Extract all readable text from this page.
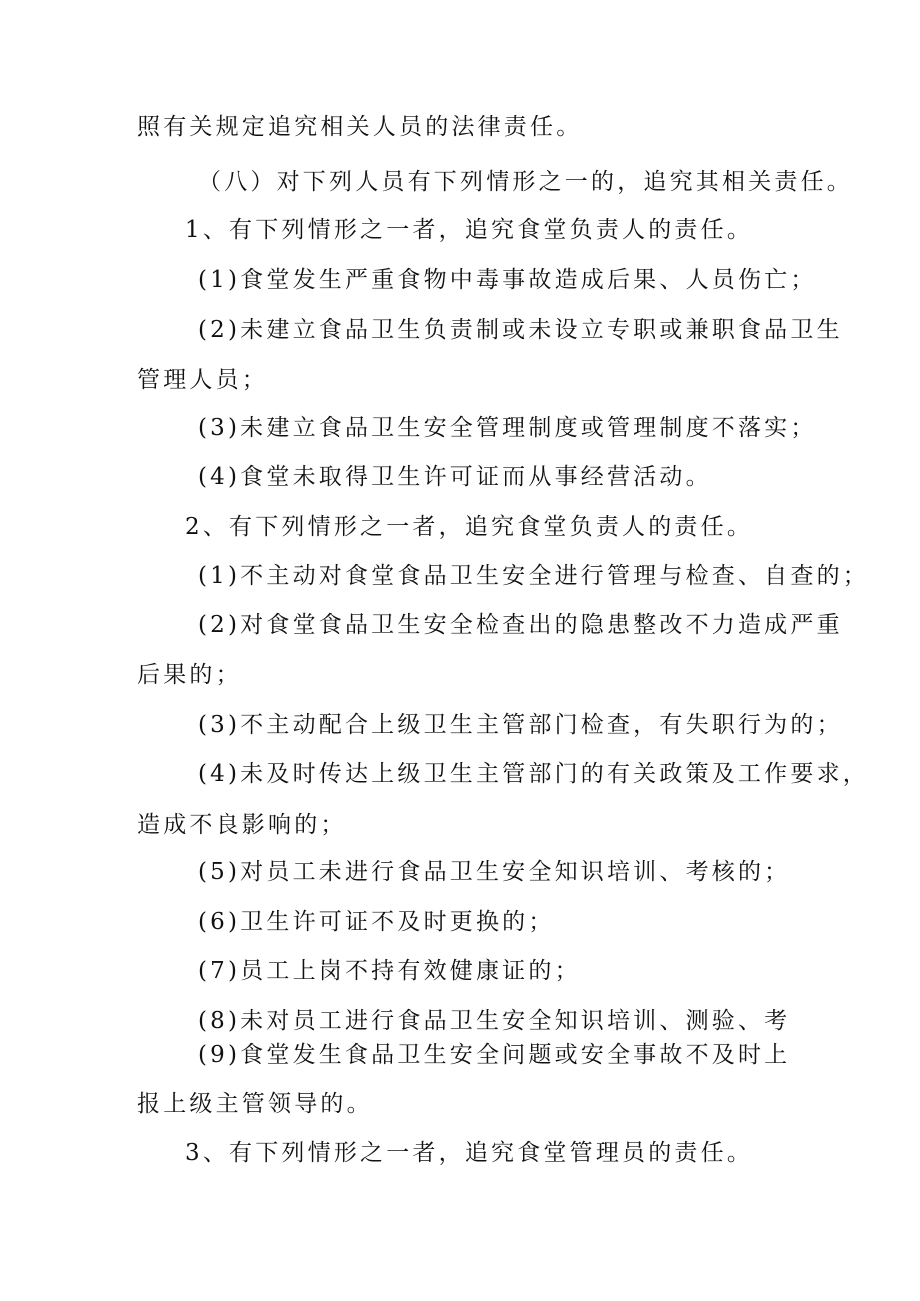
照有关规定追究相关人员的法律责任。
（八）对下列人员有下列情形之一的，追究其相关责任。
1、有下列情形之一者，追究食堂负责人的责任。
(1)食堂发生严重食物中毒事故造成后果、人员伤亡；
(2)未建立食品卫生负责制或未设立专职或兼职食品卫生
管理人员；
(3)未建立食品卫生安全管理制度或管理制度不落实；
(4)食堂未取得卫生许可证而从事经营活动。
2、有下列情形之一者，追究食堂负责人的责任。
(1)不主动对食堂食品卫生安全进行管理与检查、自查的；
(2)对食堂食品卫生安全检查出的隐患整改不力造成严重
后果的；
(3)不主动配合上级卫生主管部门检查，有失职行为的；
(4)未及时传达上级卫生主管部门的有关政策及工作要求，
造成不良影响的；
(5)对员工未进行食品卫生安全知识培训、考核的；
(6)卫生许可证不及时更换的；
(7)员工上岗不持有效健康证的；
(8)未对员工进行食品卫生安全知识培训、测验、考
(9)食堂发生食品卫生安全问题或安全事故不及时上
报上级主管领导的。
3、有下列情形之一者，追究食堂管理员的责任。
